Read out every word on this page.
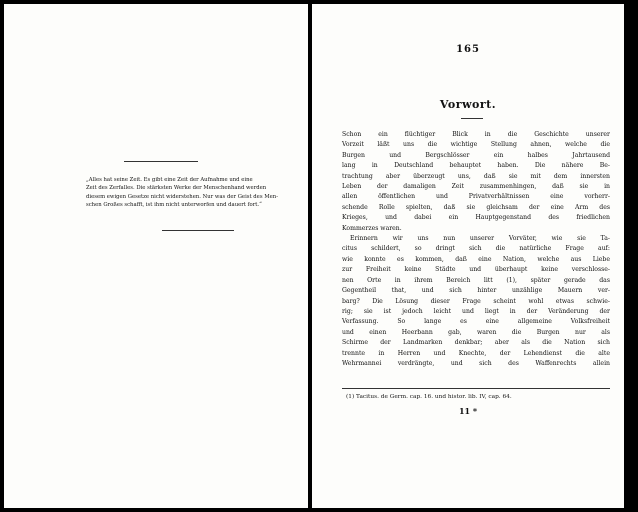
„Alles hat seine Zeit. Es gibt eine Zeit der Aufnahme und eine

Zeit des Zerfalles. Die stärksten Werke der Menschenhand werden

diesem ewigen Gesetze nicht widerstehen. Nur was der Geist des Men-

schen Großes schafft, ist ihm nicht unterworfen und dauert fort.“

165
Vorwort.
Schon ein flüchtiger Blick in die Geschichte unserer
Vorzeit läßt uns die wichtige Stellung ahnen, welche die
Burgen und Bergschlösser ein halbes Jahrtausend
lang in Deutschland behauptet haben. Die nähere Be-
trachtung aber überzeugt uns, daß sie mit dem innersten
Leben der damaligen Zeit zusammenhingen, daß sie in
allen öffentlichen und Privatverhältnissen eine vorherr-
schende Rolle spielten, daß sie gleichsam der eine Arm des
Krieges, und dabei ein Hauptgegenstand des friedlichen
Kommerzes waren.
Erinnern wir uns nun unserer Vorväter, wie sie Ta-
citus schildert, so dringt sich die natürliche Frage auf:
wie konnte es kommen, daß eine Nation, welche aus Liebe
zur Freiheit keine Städte und überhaupt keine verschlosse-
nen Orte in ihrem Bereich litt (1), später gerade das
Gegentheil that, und sich hinter unzählige Mauern ver-
barg? Die Lösung dieser Frage scheint wohl etwas schwie-
rig; sie ist jedoch leicht und liegt in der Veränderung der
Verfassung. So lange es eine allgemeine Volksfreiheit
und einen Heerbann gab, waren die Burgen nur als
Schirme der Landmarken denkbar; aber als die Nation sich
trennte in Herren und Knechte, der Lehendienst die alte
Wehrmannei verdrängte, und sich des Waffenrechts allein
(1) Tacitus. de Germ. cap. 16. und histor. lib. IV, cap. 64.
11 *
